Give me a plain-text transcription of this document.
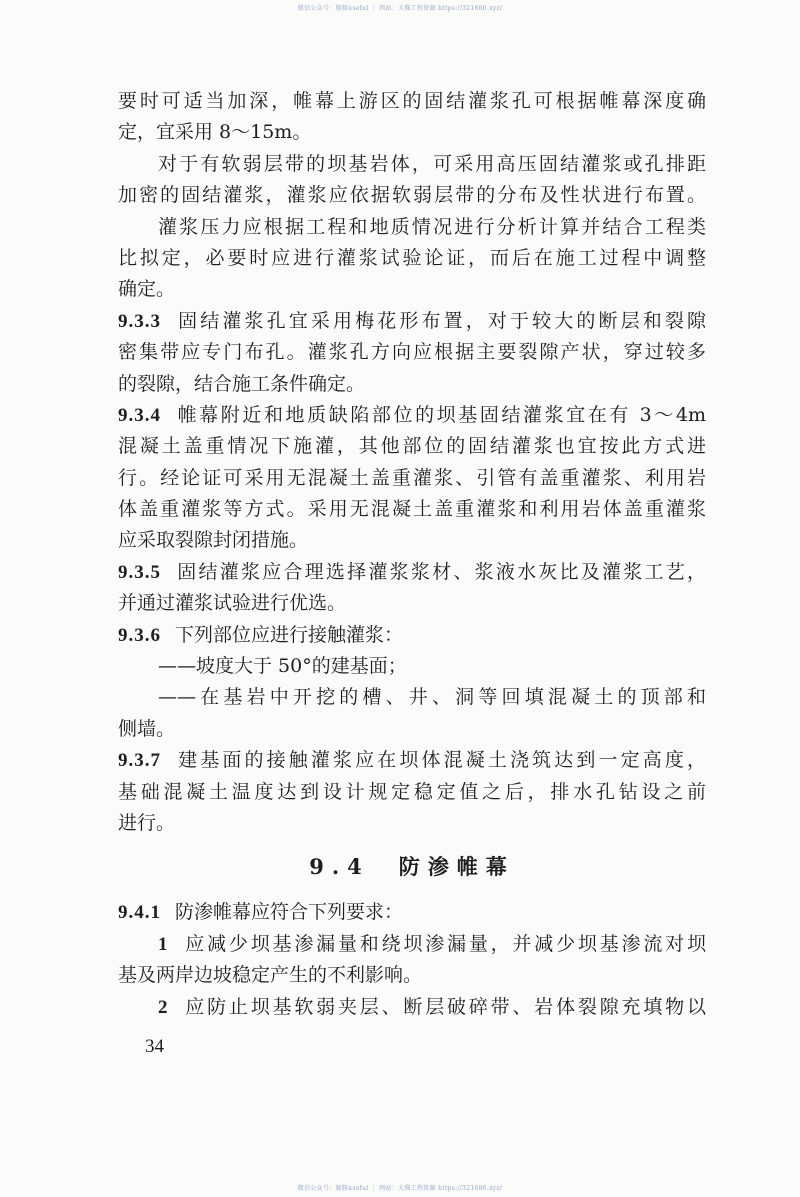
微信公众号：豚豚useful ｜ 网站：大猫工程资源 https://321686.xyz/
要时可适当加深，帷幕上游区的固结灌浆孔可根据帷幕深度确
定，宜采用 8～15m。
对于有软弱层带的坝基岩体，可采用高压固结灌浆或孔排距
加密的固结灌浆，灌浆应依据软弱层带的分布及性状进行布置。
灌浆压力应根据工程和地质情况进行分析计算并结合工程类
比拟定，必要时应进行灌浆试验论证，而后在施工过程中调整
确定。
9.3.3 固结灌浆孔宜采用梅花形布置，对于较大的断层和裂隙
密集带应专门布孔。灌浆孔方向应根据主要裂隙产状，穿过较多
的裂隙，结合施工条件确定。
9.3.4 帷幕附近和地质缺陷部位的坝基固结灌浆宜在有 3～4m
混凝土盖重情况下施灌，其他部位的固结灌浆也宜按此方式进
行。经论证可采用无混凝土盖重灌浆、引管有盖重灌浆、利用岩
体盖重灌浆等方式。采用无混凝土盖重灌浆和利用岩体盖重灌浆
应采取裂隙封闭措施。
9.3.5 固结灌浆应合理选择灌浆浆材、浆液水灰比及灌浆工艺，
并通过灌浆试验进行优选。
9.3.6 下列部位应进行接触灌浆：
——坡度大于 50°的建基面；
——在基岩中开挖的槽、井、洞等回填混凝土的顶部和
侧墙。
9.3.7 建基面的接触灌浆应在坝体混凝土浇筑达到一定高度，
基础混凝土温度达到设计规定稳定值之后，排水孔钻设之前
进行。
9.4　防渗帷幕
9.4.1 防渗帷幕应符合下列要求：
1 应减少坝基渗漏量和绕坝渗漏量，并减少坝基渗流对坝
基及两岸边坡稳定产生的不利影响。
2 应防止坝基软弱夹层、断层破碎带、岩体裂隙充填物以
34
微信公众号：豚豚useful ｜ 网站：大猫工程资源 https://321686.xyz/
